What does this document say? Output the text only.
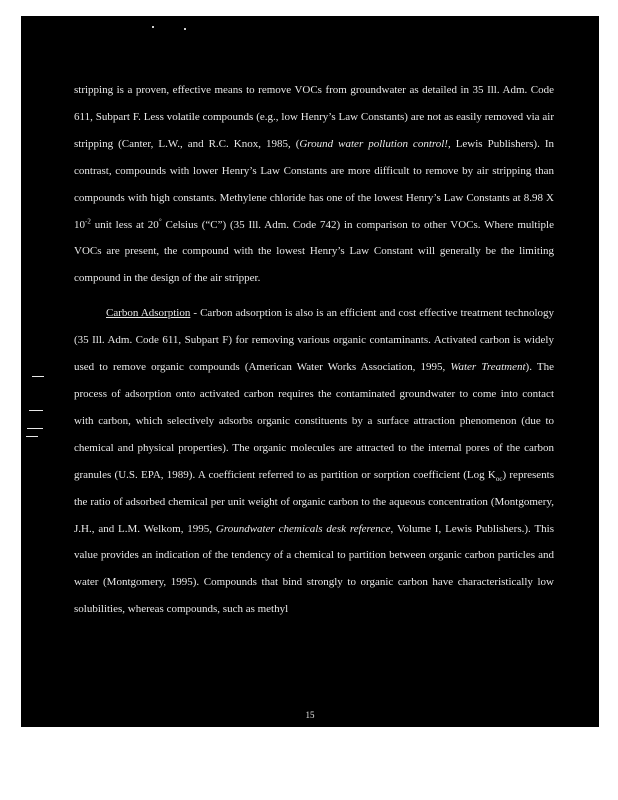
stripping is a proven, effective means to remove VOCs from groundwater as detailed in 35 Ill. Adm. Code 611, Subpart F. Less volatile compounds (e.g., low Henry’s Law Constants) are not as easily removed via air stripping (Canter, L.W., and R.C. Knox, 1985, (Ground water pollution control!, Lewis Publishers). In contrast, compounds with lower Henry’s Law Constants are more difficult to remove by air stripping than compounds with high constants. Methylene chloride has one of the lowest Henry’s Law Constants at 8.98 X $10^{-2}$ unit less at 20° Celsius (“C”) (35 Ill. Adm. Code 742) in comparison to other VOCs. Where multiple VOCs are present, the compound with the lowest Henry’s Law Constant will generally be the limiting compound in the design of the air stripper.

Carbon Adsorption - Carbon adsorption is also is an efficient and cost effective treatment technology (35 Ill. Adm. Code 611, Subpart F) for removing various organic contaminants. Activated carbon is widely used to remove organic compounds (American Water Works Association, 1995, Water Treatment). The process of adsorption onto activated carbon requires the contaminated groundwater to come into contact with carbon, which selectively adsorbs organic constituents by a surface attraction phenomenon (due to chemical and physical properties). The organic molecules are attracted to the internal pores of the carbon granules (U.S. EPA, 1989). A coefficient referred to as partition or sorption coefficient (Log $K_{oc}$) represents the ratio of adsorbed chemical per unit weight of organic carbon to the aqueous concentration (Montgomery, J.H., and L.M. Welkom, 1995, Groundwater chemicals desk reference, Volume I, Lewis Publishers.). This value provides an indication of the tendency of a chemical to partition between organic carbon particles and water (Montgomery, 1995). Compounds that bind strongly to organic carbon have characteristically low solubilities, whereas compounds, such as methyl

15
